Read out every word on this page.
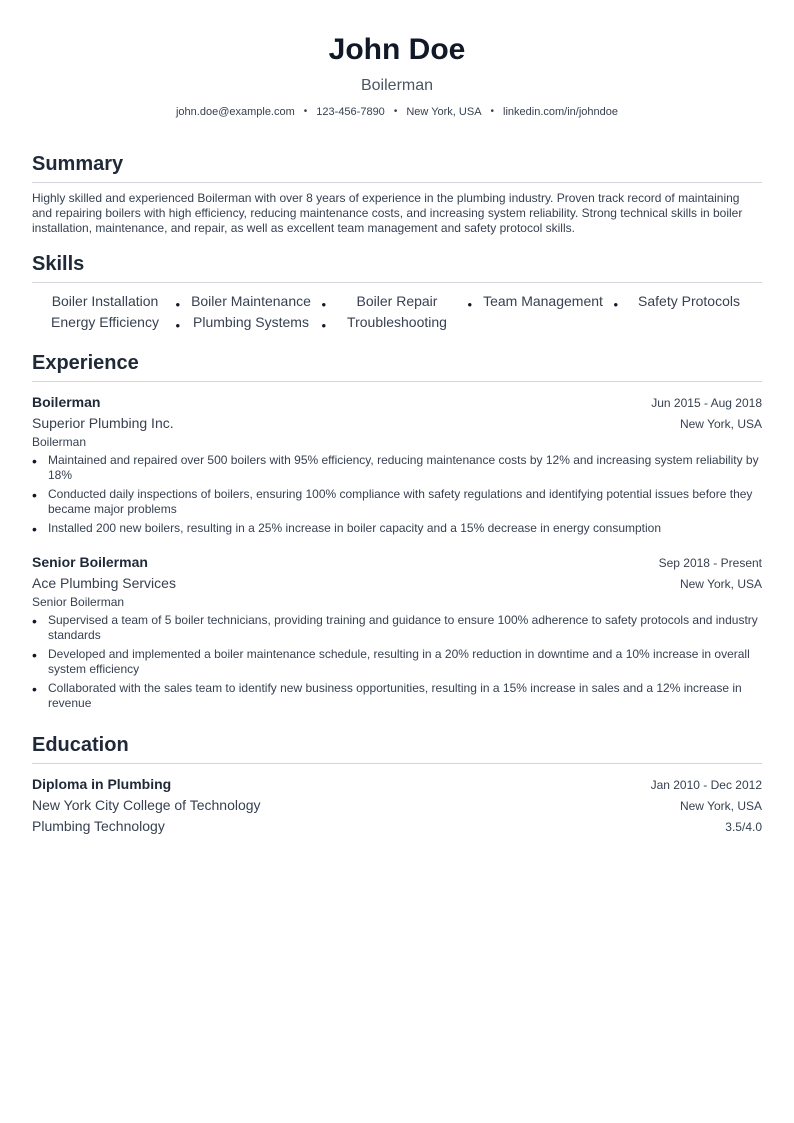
John Doe
Boilerman
john.doe@example.com • 123-456-7890 • New York, USA • linkedin.com/in/johndoe
Summary
Highly skilled and experienced Boilerman with over 8 years of experience in the plumbing industry. Proven track record of maintaining and repairing boilers with high efficiency, reducing maintenance costs, and increasing system reliability. Strong technical skills in boiler installation, maintenance, and repair, as well as excellent team management and safety protocol skills.
Skills
Boiler Installation • Boiler Maintenance •	Boiler Repair • Team Management •	Safety Protocols
Energy Efficiency • Plumbing Systems •	Troubleshooting
Experience
Boilerman	Jun 2015 - Aug 2018
Superior Plumbing Inc.	New York, USA
Boilerman
• Maintained and repaired over 500 boilers with 95% efficiency, reducing maintenance costs by 12% and increasing system reliability by 18%
• Conducted daily inspections of boilers, ensuring 100% compliance with safety regulations and identifying potential issues before they became major problems
• Installed 200 new boilers, resulting in a 25% increase in boiler capacity and a 15% decrease in energy consumption
Senior Boilerman	Sep 2018 - Present
Ace Plumbing Services	New York, USA
Senior Boilerman
• Supervised a team of 5 boiler technicians, providing training and guidance to ensure 100% adherence to safety protocols and industry standards
• Developed and implemented a boiler maintenance schedule, resulting in a 20% reduction in downtime and a 10% increase in overall system efficiency
• Collaborated with the sales team to identify new business opportunities, resulting in a 15% increase in sales and a 12% increase in revenue
Education
Diploma in Plumbing	Jan 2010 - Dec 2012
New York City College of Technology	New York, USA
Plumbing Technology	3.5/4.0
